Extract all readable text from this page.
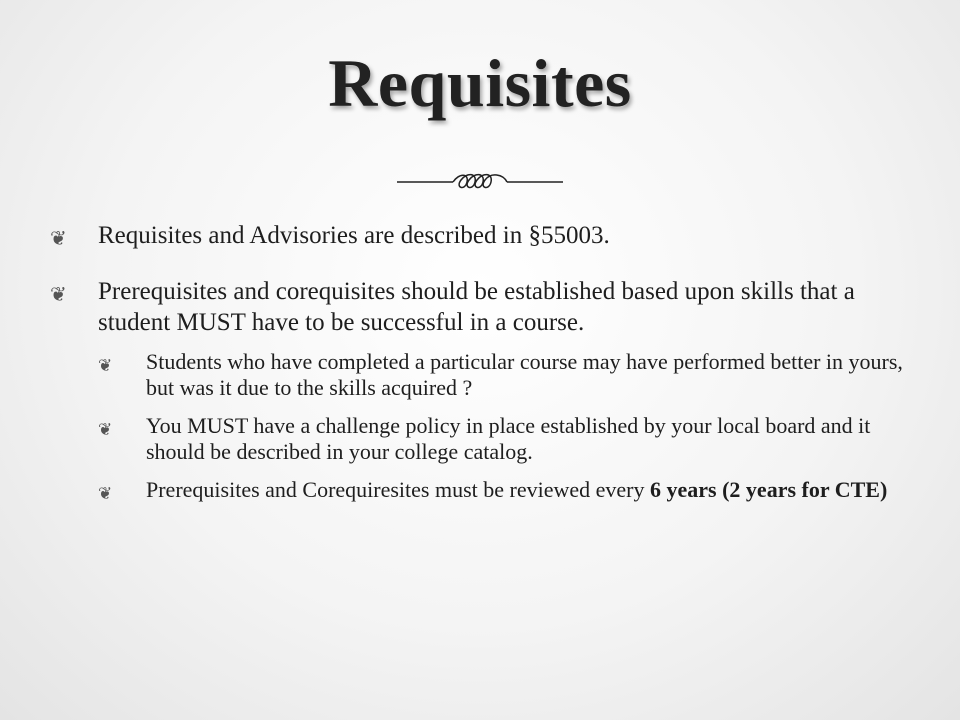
Requisites
❦	Requisites and Advisories are described in §55003.
❦	Prerequisites and corequisites should be established based upon skills that a student MUST have to be successful in a course.
❦	Students who have completed a particular course may have performed better in yours, but was it due to the skills acquired ?
❦	You MUST have a challenge policy in place established by your local board and it should be described in your college catalog.
❦	Prerequisites and Corequiresites must be reviewed every 6 years (2 years for CTE)
